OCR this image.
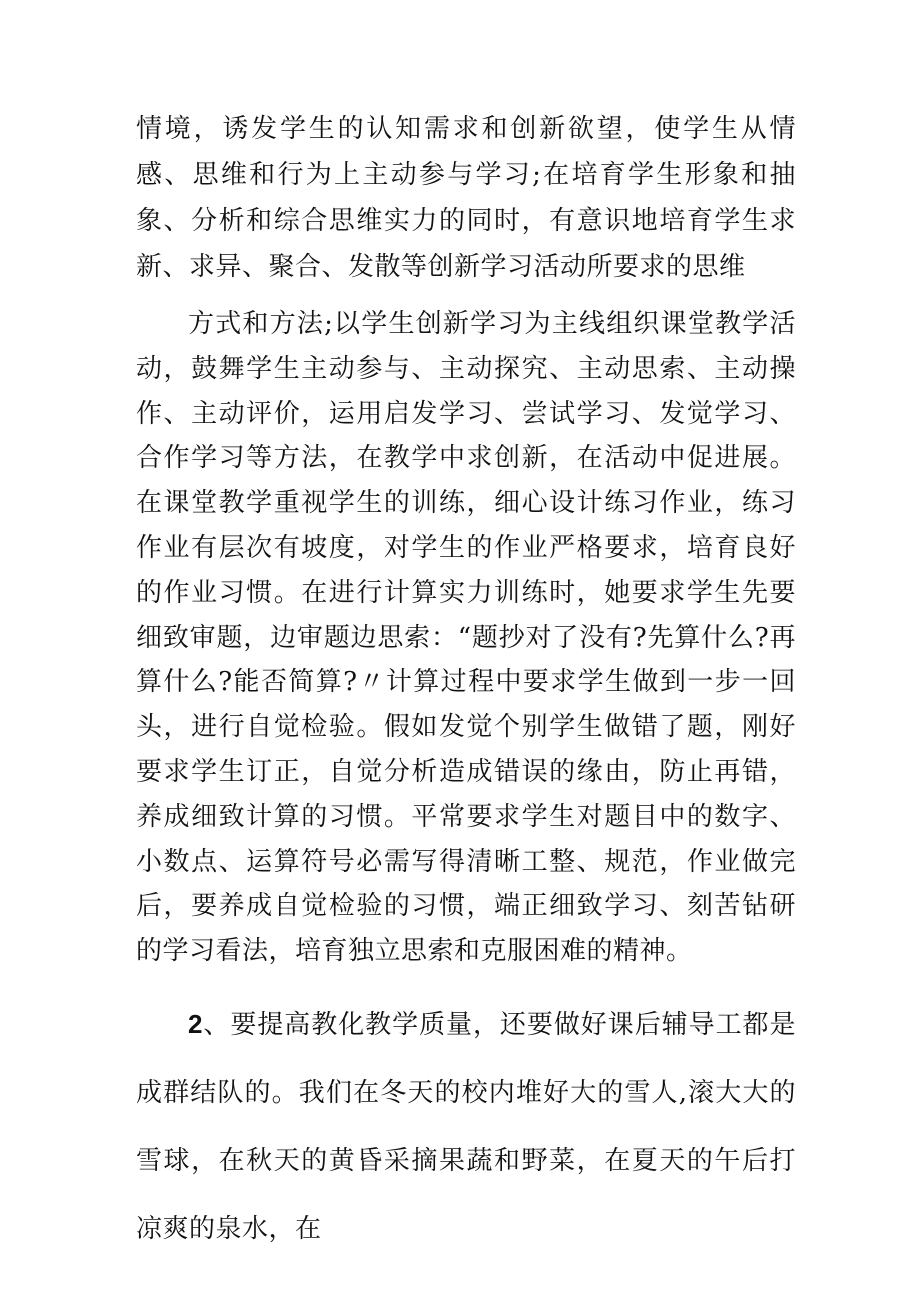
情境，诱发学生的认知需求和创新欲望，使学生从情感、思维和行为上主动参与学习;在培育学生形象和抽象、分析和综合思维实力的同时，有意识地培育学生求新、求异、聚合、发散等创新学习活动所要求的思维

方式和方法;以学生创新学习为主线组织课堂教学活动，鼓舞学生主动参与、主动探究、主动思索、主动操作、主动评价，运用启发学习、尝试学习、发觉学习、合作学习等方法，在教学中求创新，在活动中促进展。在课堂教学重视学生的训练，细心设计练习作业，练习作业有层次有坡度，对学生的作业严格要求，培育良好的作业习惯。在进行计算实力训练时，她要求学生先要细致审题，边审题边思索：“题抄对了没有?先算什么?再算什么?能否简算?〃计算过程中要求学生做到一步一回头，进行自觉检验。假如发觉个别学生做错了题，刚好要求学生订正，自觉分析造成错误的缘由，防止再错，养成细致计算的习惯。平常要求学生对题目中的数字、小数点、运算符号必需写得清晰工整、规范，作业做完后，要养成自觉检验的习惯，端正细致学习、刻苦钻研的学习看法，培育独立思索和克服困难的精神。

2、要提高教化教学质量，还要做好课后辅导工都是成群结队的。我们在冬天的校内堆好大的雪人,滚大大的雪球，在秋天的黄昏采摘果蔬和野菜，在夏天的午后打凉爽的泉水，在
